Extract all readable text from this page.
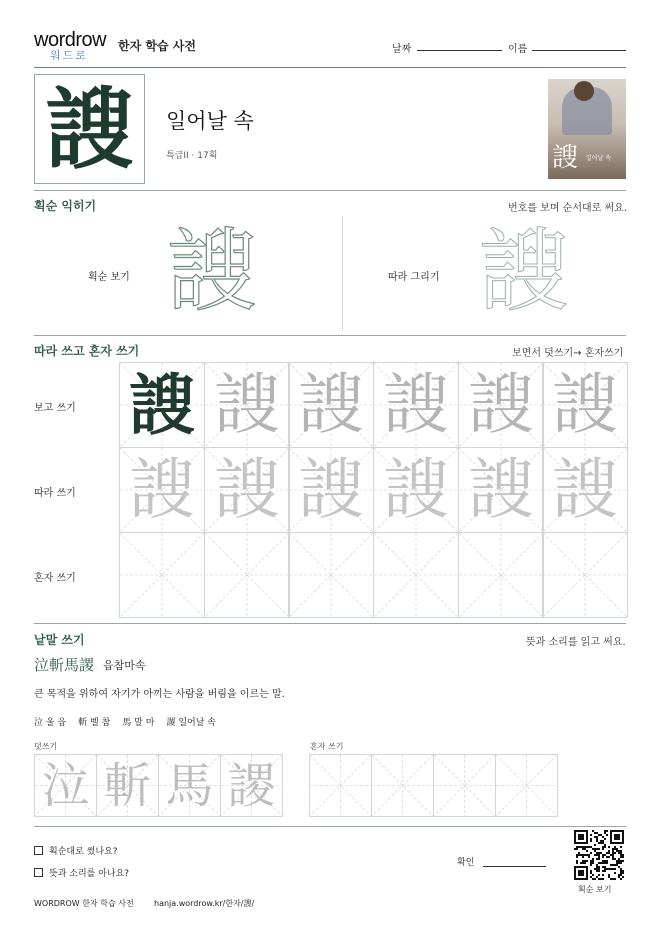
wordrow
워드로
한자 학습 사전	날짜	이름
謏	일어날 속
특급II · 17획	謏 일어날 속
획순 익히기	번호를 보며 순서대로 써요.
획순 보기 謏	따라 그리기 謏
따라 쓰고 혼자 쓰기	보면서 덧쓰기→ 혼자쓰기
보고 쓰기
따라 쓰기
혼자 쓰기
謏 謏 謏 謏 謏 謏
謏 謏 謏 謏 謏 謏
낱말 쓰기	뜻과 소리를 읽고 써요.
泣斬馬謖 읍참마속
큰 목적을 위하여 자기가 아끼는 사람을 버림을 이르는 말.
泣 울 읍 斬 벨 참 馬 말 마 謖 일어날 속
덧쓰기	혼자 쓰기
泣 斬 馬 謖
획순대로 썼나요?
뜻과 소리를 아나요?
확인
획순 보기
WORDROW 한자 학습 사전	hanja.wordrow.kr/한자/謏/
